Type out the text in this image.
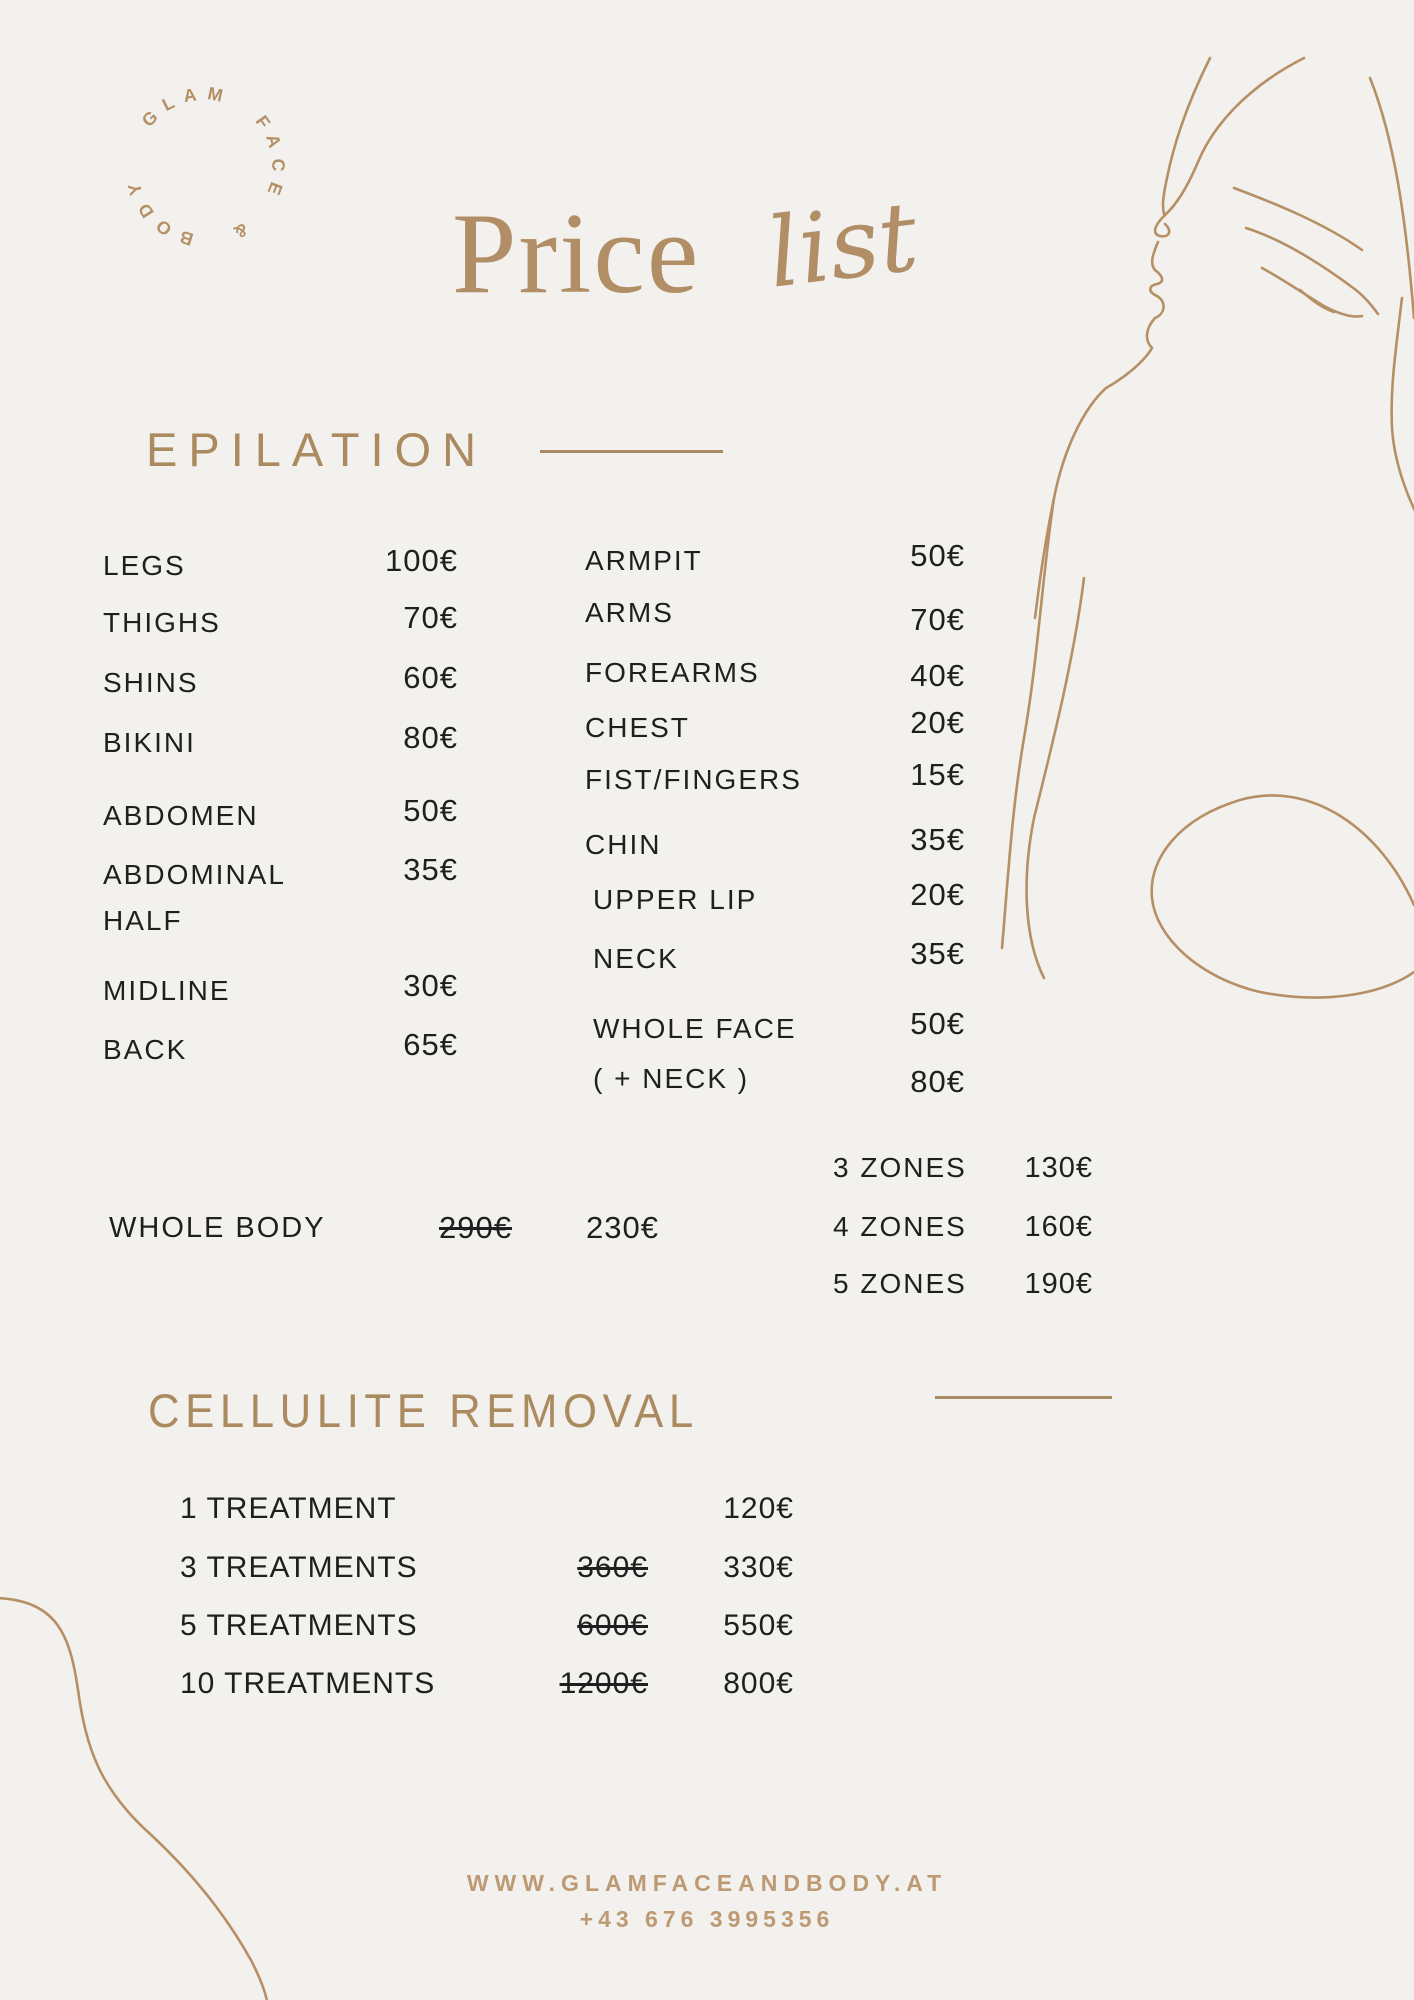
GLAM FACE & BODY
Price list
EPILATION
LEGS	100€
THIGHS	70€
SHINS	60€
BIKINI	80€
ABDOMEN	50€
ABDOMINAL HALF
35€
MIDLINE	30€
BACK	65€
ARMPIT	50€
ARMS	70€
FOREARMS	40€
CHEST	20€
FIST/FINGERS	15€
CHIN	35€
UPPER LIP	20€
NECK	35€
WHOLE FACE	50€
( + NECK )	80€
WHOLE BODY	290€ 230€
3 ZONES 130€
4 ZONES 160€
5 ZONES 190€
CELLULITE REMOVAL
1 TREATMENT	120€
3 TREATMENTS	360€	330€
5 TREATMENTS	600€	550€
10 TREATMENTS	1200€	800€
WWW.GLAMFACEANDBODY.AT
+43 676 3995356
